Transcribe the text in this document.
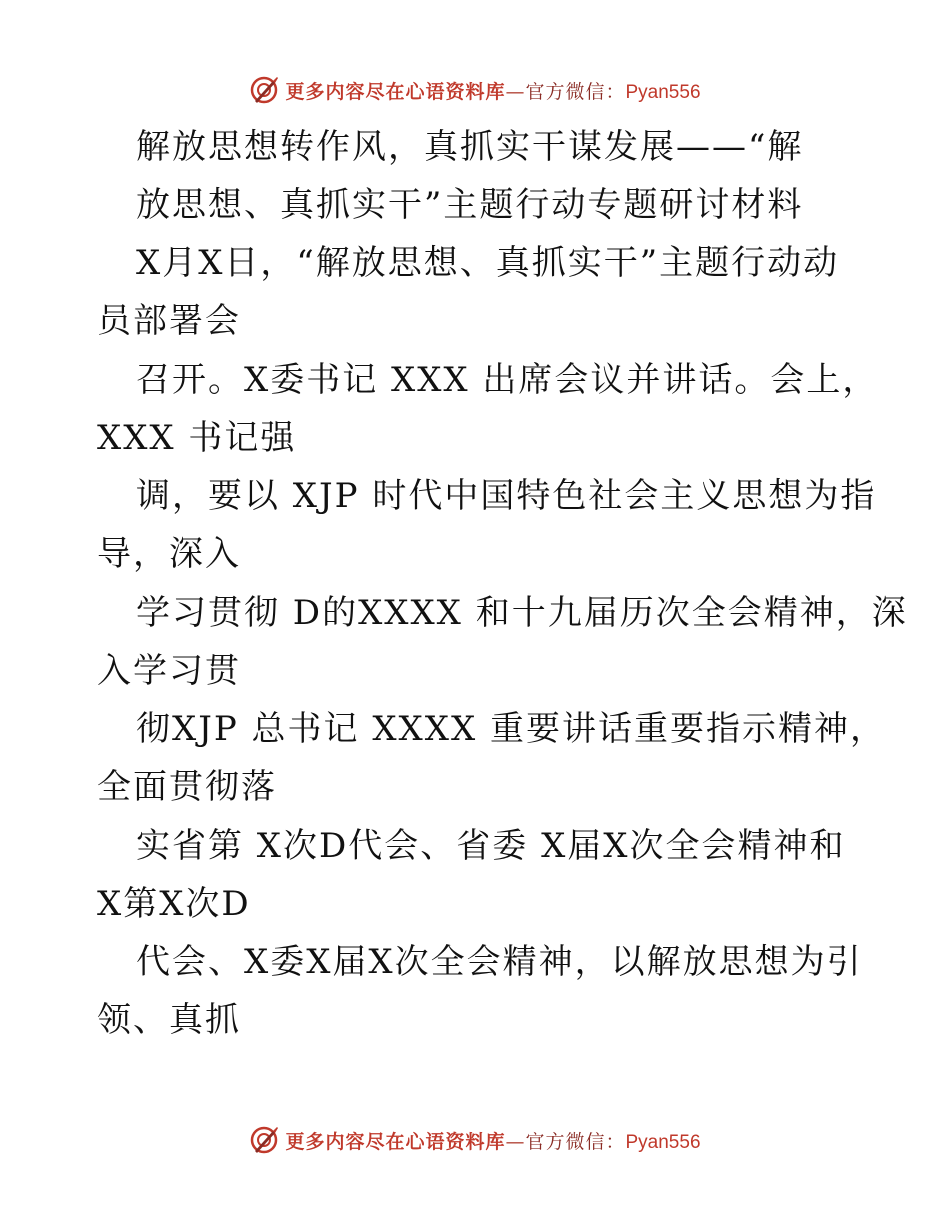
更多内容尽在心语资料库—官方微信：Pyan556
解放思想转作风，真抓实干谋发展——“解
放思想、真抓实干”主题行动专题研讨材料
X月X日，“解放思想、真抓实干”主题行动动
员部署会
召开。X委书记 XXX 出席会议并讲话。会上，
XXX 书记强
调，要以 XJP 时代中国特色社会主义思想为指
导，深入
学习贯彻 D的XXXX 和十九届历次全会精神，深
入学习贯
彻XJP 总书记 XXXX 重要讲话重要指示精神，
全面贯彻落
实省第 X次D代会、省委 X届X次全会精神和
X第X次D
代会、X委X届X次全会精神，以解放思想为引
领、真抓
更多内容尽在心语资料库—官方微信：Pyan556
